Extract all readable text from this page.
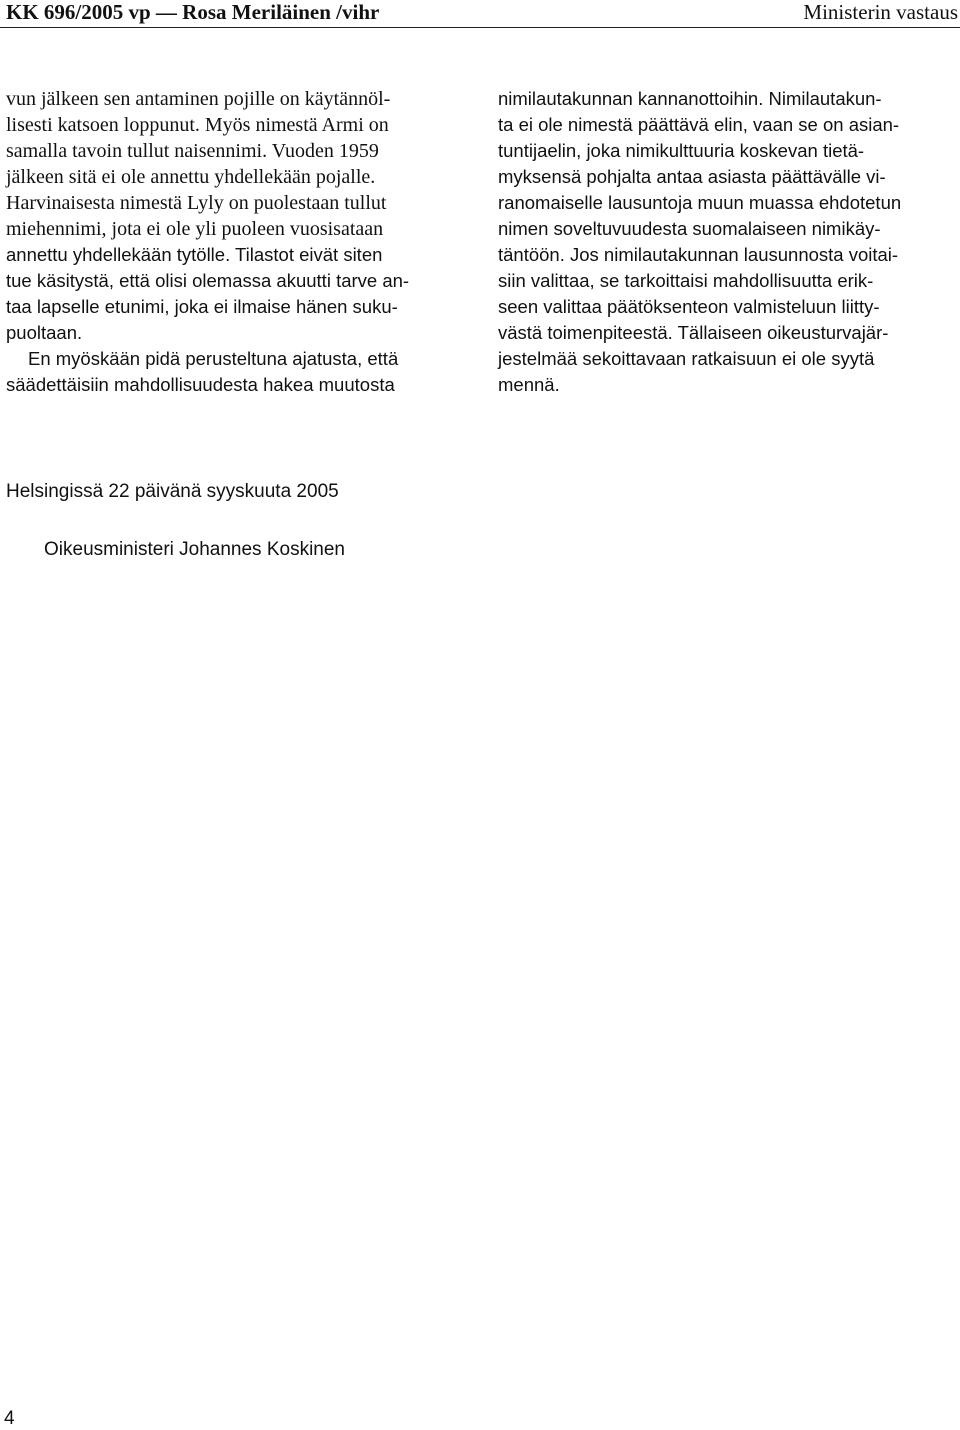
KK 696/2005 vp — Rosa Meriläinen /vihr	Ministerin vastaus
vun jälkeen sen antaminen pojille on käytännöl-
lisesti katsoen loppunut. Myös nimestä Armi on
samalla tavoin tullut naisennimi. Vuoden 1959
jälkeen sitä ei ole annettu yhdellekään pojalle.
Harvinaisesta nimestä Lyly on puolestaan tullut
miehennimi, jota ei ole yli puoleen vuosisataan
annettu yhdellekään tytölle. Tilastot eivät siten
tue käsitystä, että olisi olemassa akuutti tarve an-
taa lapselle etunimi, joka ei ilmaise hänen suku-
puoltaan.
En myöskään pidä perusteltuna ajatusta, että
säädettäisiin mahdollisuudesta hakea muutosta
nimilautakunnan kannanottoihin. Nimilautakun-
ta ei ole nimestä päättävä elin, vaan se on asian-
tuntijaelin, joka nimikulttuuria koskevan tietä-
myksensä pohjalta antaa asiasta päättävälle vi-
ranomaiselle lausuntoja muun muassa ehdotetun
nimen soveltuvuudesta suomalaiseen nimikäy-
täntöön. Jos nimilautakunnan lausunnosta voitai-
siin valittaa, se tarkoittaisi mahdollisuutta erik-
seen valittaa päätöksenteon valmisteluun liitty-
västä toimenpiteestä. Tällaiseen oikeusturvajär-
jestelmää sekoittavaan ratkaisuun ei ole syytä
mennä.
Helsingissä 22 päivänä syyskuuta 2005
Oikeusministeri Johannes Koskinen
4
